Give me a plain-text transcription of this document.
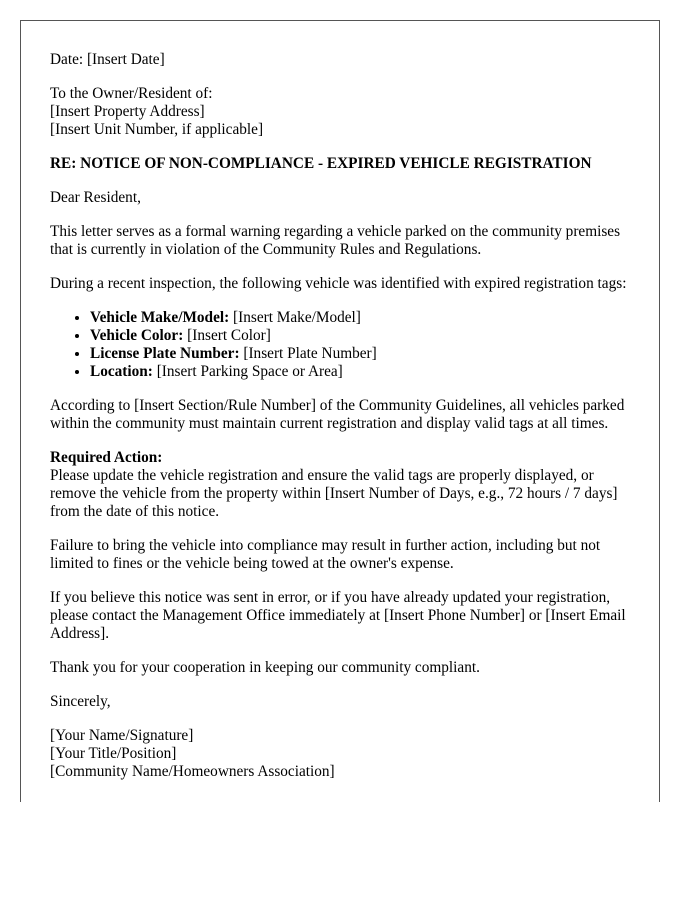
Date: [Insert Date]

To the Owner/Resident of:
[Insert Property Address]
[Insert Unit Number, if applicable]

RE: NOTICE OF NON-COMPLIANCE - EXPIRED VEHICLE REGISTRATION

Dear Resident,

This letter serves as a formal warning regarding a vehicle parked on the community premises that is currently in violation of the Community Rules and Regulations.

During a recent inspection, the following vehicle was identified with expired registration tags:

• Vehicle Make/Model: [Insert Make/Model]
• Vehicle Color: [Insert Color]
• License Plate Number: [Insert Plate Number]
• Location: [Insert Parking Space or Area]

According to [Insert Section/Rule Number] of the Community Guidelines, all vehicles parked within the community must maintain current registration and display valid tags at all times.

Required Action:
Please update the vehicle registration and ensure the valid tags are properly displayed, or remove the vehicle from the property within [Insert Number of Days, e.g., 72 hours / 7 days] from the date of this notice.

Failure to bring the vehicle into compliance may result in further action, including but not limited to fines or the vehicle being towed at the owner's expense.

If you believe this notice was sent in error, or if you have already updated your registration, please contact the Management Office immediately at [Insert Phone Number] or [Insert Email Address].

Thank you for your cooperation in keeping our community compliant.

Sincerely,

[Your Name/Signature]

[Your Title/Position]

[Community Name/Homeowners Association]
